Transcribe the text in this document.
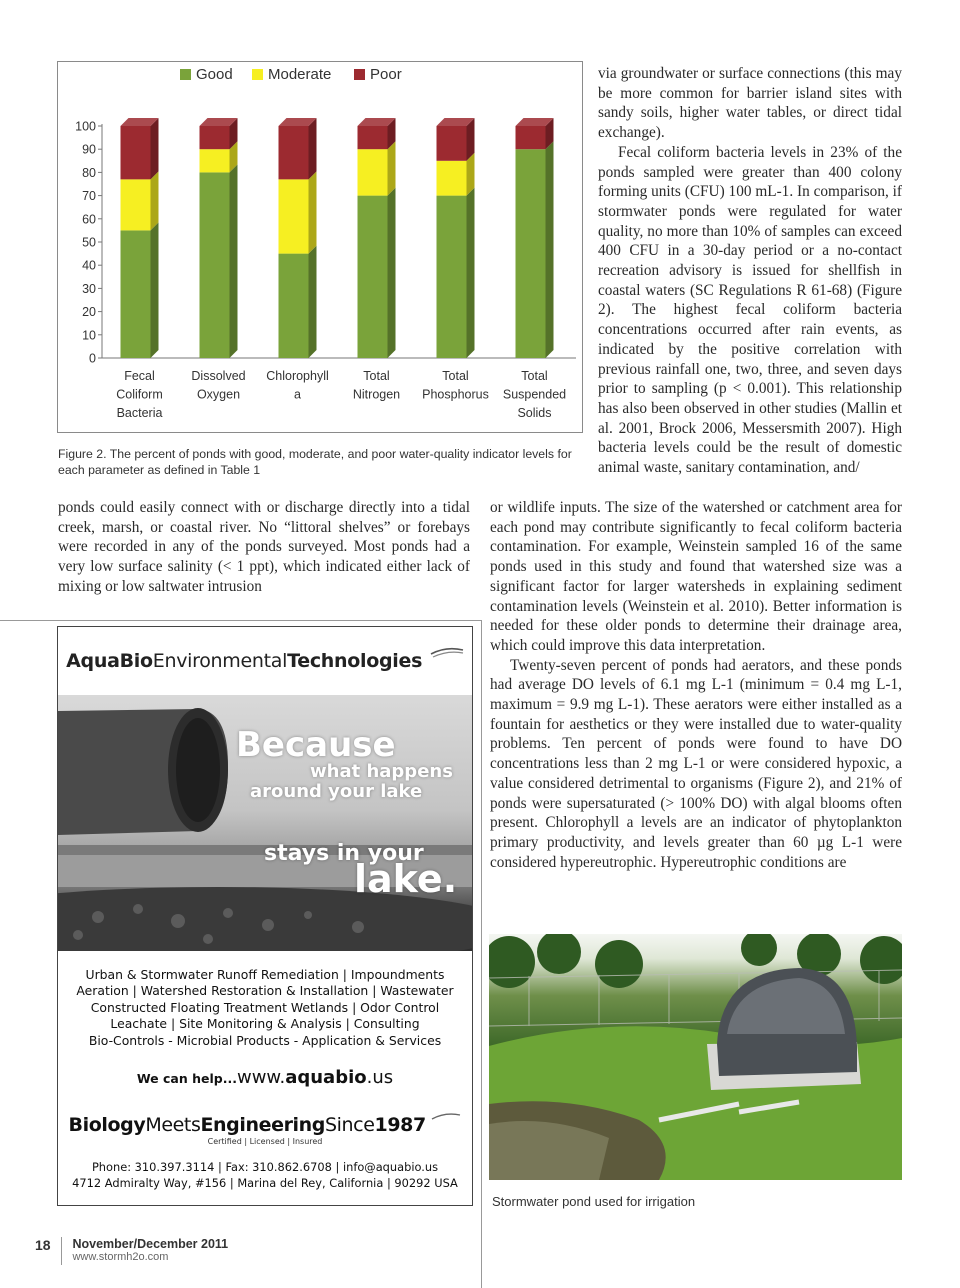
Good Moderate	Poor
0
10
20
30
40
50
60
70
80
90
100
Fecal
Coliform
Bacteria
Dissolved
Oxygen
Chlorophyll
a
Total
Nitrogen
Total
Phosphorus
Total
Suspended
Solids
Figure 2. The percent of ponds with good, moderate, and poor water-quality indicator levels for each parameter as defined in Table 1

via groundwater or surface connections (this may be more common for barrier island sites with sandy soils, higher water tables, or direct tidal exchange).

Fecal coliform bacteria levels in 23% of the ponds sampled were greater than 400 colony forming units (CFU) 100 mL-1. In comparison, if stormwater ponds were regulated for water quality, no more than 10% of samples can exceed 400 CFU in a 30-day period or a no-contact recreation advisory is issued for shellfish in coastal waters (SC Regulations R 61-68) (Figure 2). The highest fecal coliform bacteria concentrations occurred after rain events, as indicated by the positive correlation with previous rainfall one, two, three, and seven days prior to sampling (p < 0.001). This relationship has also been observed in other studies (Mallin et al. 2001, Brock 2006, Messersmith 2007). High bacteria levels could be the result of domestic animal waste, sanitary contamination, and/

ponds could easily connect with or discharge directly into a tidal creek, marsh, or coastal river. No “littoral shelves” or forebays were recorded in any of the ponds surveyed. Most ponds had a very low surface salinity (< 1 ppt), which indicated either lack of mixing or low saltwater intrusion

or wildlife inputs. The size of the watershed or catchment area for each pond may contribute significantly to fecal coliform bacteria contamination. For example, Weinstein sampled 16 of the same ponds used in this study and found that watershed size was a significant factor for larger watersheds in explaining sediment contamination levels (Weinstein et al. 2010). Better information is needed for these older ponds to determine their drainage area, which could improve this data interpretation.

Twenty-seven percent of ponds had aerators, and these ponds had average DO levels of 6.1 mg L-1 (minimum = 0.4 mg L-1, maximum = 9.9 mg L-1). These aerators were either installed as a fountain for aesthetics or they were installed due to water-quality problems. Ten percent of ponds were found to have DO concentrations less than 2 mg L-1 or were considered hypoxic, a value considered detrimental to organisms (Figure 2), and 21% of ponds were supersaturated (> 100% DO) with algal blooms often present. Chlorophyll a levels are an indicator of phytoplankton primary productivity, and levels greater than 60 µg L-1 were considered hypereutrophic. Hypereutrophic conditions are

AquaBioEnvironmentalTechnologies
Because
what happens
around your lake
stays in your
lake.
Urban & Stormwater Runoff Remediation | Impoundments
Aeration | Watershed Restoration & Installation | Wastewater
Constructed Floating Treatment Wetlands | Odor Control
Leachate | Site Monitoring & Analysis | Consulting
Bio-Controls - Microbial Products - Application & Services
We can help...www.aquabio.us
BiologyMeetsEngineeringSince1987
Certified | Licensed | Insured
Phone: 310.397.3114 | Fax: 310.862.6708 | info@aquabio.us
4712 Admiralty Way, #156 | Marina del Rey, California | 90292 USA
Stormwater pond used for irrigation
18 November/December 2011
www.stormh2o.com
